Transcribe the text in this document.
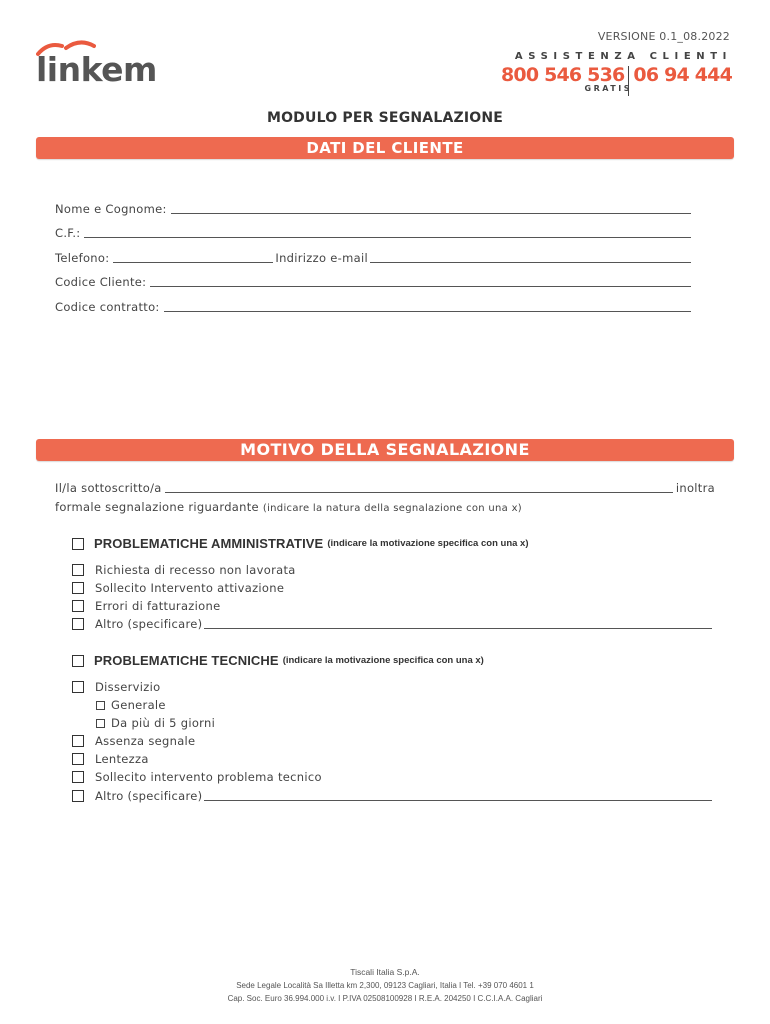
VERSIONE 0.1_08.2022
linkem	ASSISTENZA CLIENTI
800 546 536 06 94 444
GRATIS
MODULO PER SEGNALAZIONE
DATI DEL CLIENTE
Nome e Cognome:
C.F.:
Telefono:	Indirizzo e-mail
Codice Cliente:
Codice contratto:
MOTIVO DELLA SEGNALAZIONE
Il/la sottoscritto/a	inoltra
formale segnalazione riguardante (indicare la natura della segnalazione con una x)
PROBLEMATICHE AMMINISTRATIVE (indicare la motivazione specifica con una x)
Richiesta di recesso non lavorata
Sollecito Intervento attivazione
Errori di fatturazione
Altro (specificare)
PROBLEMATICHE TECNICHE (indicare la motivazione specifica con una x)
Disservizio
Generale
Da più di 5 giorni
Assenza segnale
Lentezza
Sollecito intervento problema tecnico
Altro (specificare)
Tiscali Italia S.p.A.
Sede Legale Località Sa Illetta km 2,300, 09123 Cagliari, Italia I Tel. +39 070 4601 1
Cap. Soc. Euro 36.994.000 i.v. I P.IVA 02508100928 I R.E.A. 204250 I C.C.I.A.A. Cagliari
